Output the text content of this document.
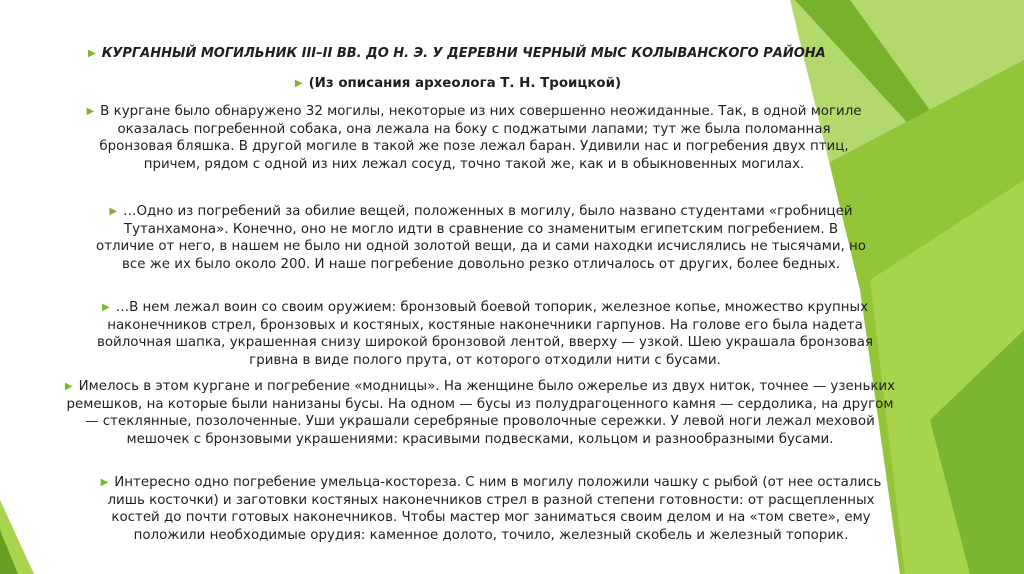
▶ КУРГАННЫЙ МОГИЛЬНИК III–II ВВ. ДО Н. Э. У ДЕРЕВНИ ЧЕРНЫЙ МЫС КОЛЫВАНСКОГО РАЙОНА

▶ (Из описания археолога Т. Н. Троицкой)

▶ В кургане было обнаружено 32 могилы, некоторые из них совершенно неожиданные. Так, в одной могиле оказалась погребенной собака, она лежала на боку с поджатыми лапами; тут же была поломанная бронзовая бляшка. В другой могиле в такой же позе лежал баран. Удивили нас и погребения двух птиц, причем, рядом с одной из них лежал сосуд, точно такой же, как и в обыкновенных могилах.

▶ …Одно из погребений за обилие вещей, положенных в могилу, было названо студентами «гробницей Тутанхамона». Конечно, оно не могло идти в сравнение со знаменитым египетским погребением. В отличие от него, в нашем не было ни одной золотой вещи, да и сами находки исчислялись не тысячами, но все же их было около 200. И наше погребение довольно резко отличалось от других, более бедных.

▶ …В нем лежал воин со своим оружием: бронзовый боевой топорик, железное копье, множество крупных наконечников стрел, бронзовых и костяных, костяные наконечники гарпунов. На голове его была надета войлочная шапка, украшенная снизу широкой бронзовой лентой, вверху — узкой. Шею украшала бронзовая гривна в виде полого прута, от которого отходили нити с бусами.

▶ Имелось в этом кургане и погребение «модницы». На женщине было ожерелье из двух ниток, точнее — узеньких ремешков, на которые были нанизаны бусы. На одном — бусы из полудрагоценного камня — сердолика, на другом — стеклянные, позолоченные. Уши украшали серебряные проволочные сережки. У левой ноги лежал меховой мешочек с бронзовыми украшениями: красивыми подвесками, кольцом и разнообразными бусами.

▶ Интересно одно погребение умельца-костореза. С ним в могилу положили чашку с рыбой (от нее остались лишь косточки) и заготовки костяных наконечников стрел в разной степени готовности: от расщепленных костей до почти готовых наконечников. Чтобы мастер мог заниматься своим делом и на «том свете», ему положили необходимые орудия: каменное долото, точило, железный скобель и железный топорик.
